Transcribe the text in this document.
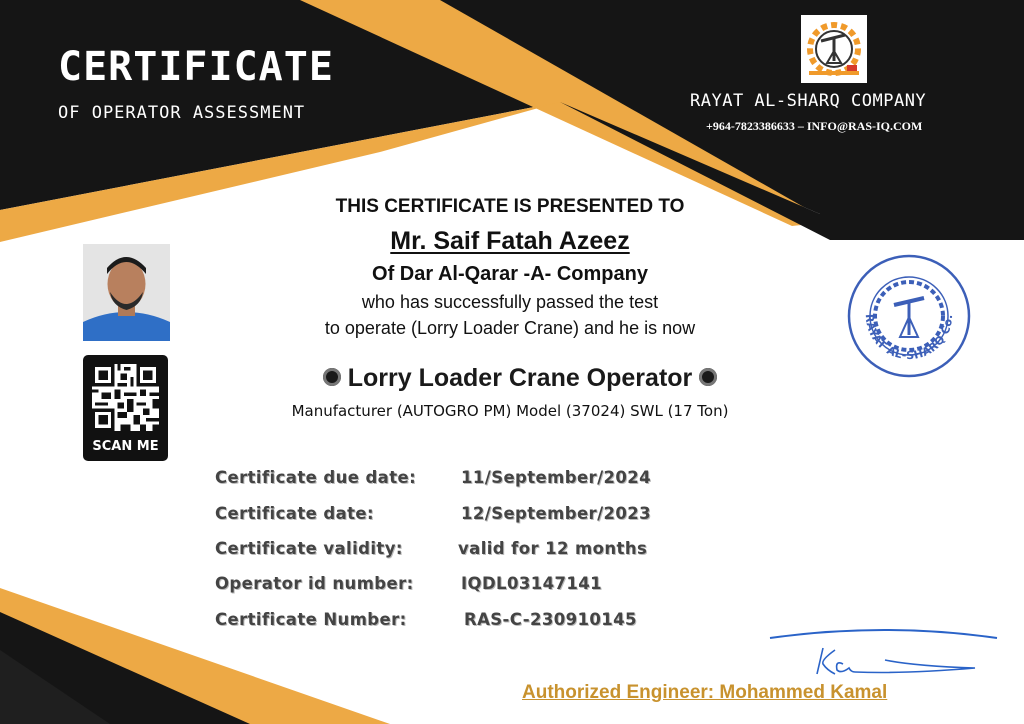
CERTIFICATE
OF OPERATOR ASSESSMENT
RAYAT AL-SHARQ COMPANY
+964-7823386633 – INFO@RAS-IQ.COM
SCAN ME
THIS CERTIFICATE IS PRESENTED TO
Mr. Saif Fatah Azeez
Of Dar Al-Qarar -A- Company
who has successfully passed the test
to operate (Lorry Loader Crane) and he is now
Lorry Loader Crane Operator
Manufacturer (AUTOGRO PM) Model (37024) SWL (17 Ton)
Certificate due date:	11/September/2024
Certificate date:	12/September/2023
Certificate validity:	valid for 12 months
Operator id number:	IQDL03147141
Certificate Number:	RAS-C-230910145
RAYAT AL-SHARQ Co.
Authorized Engineer: Mohammed Kamal
